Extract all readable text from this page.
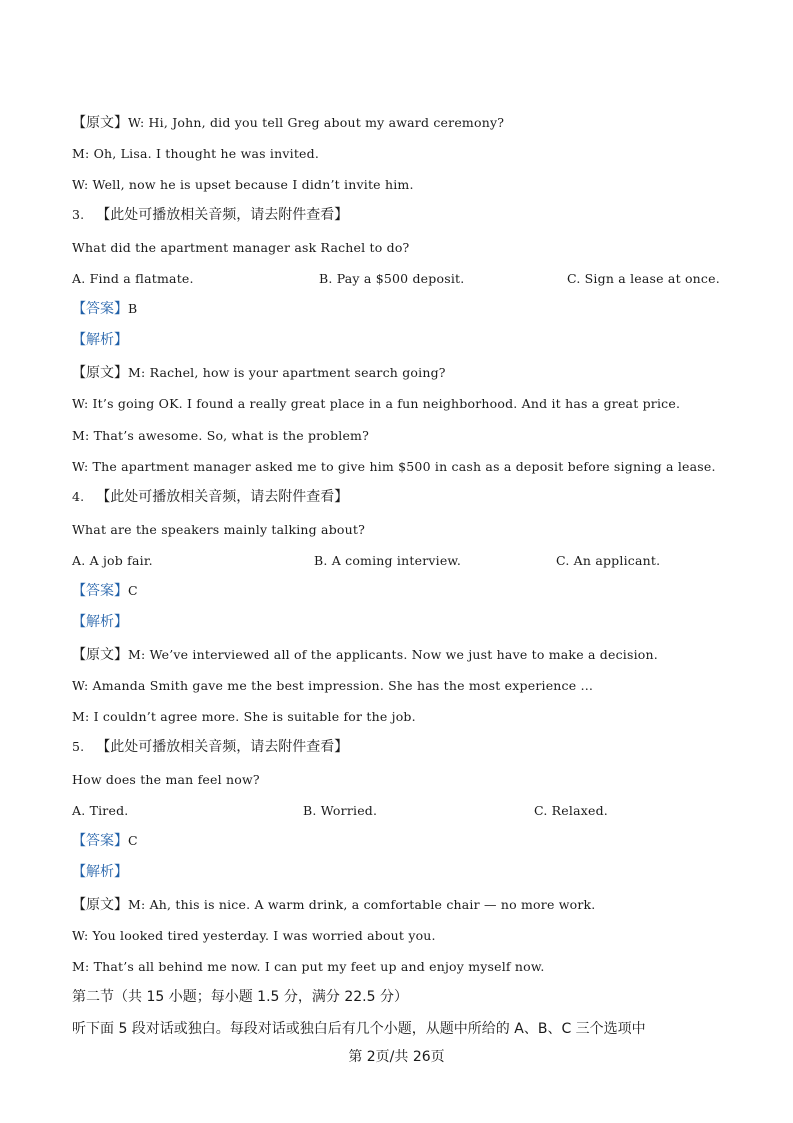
【原文】W: Hi, John, did you tell Greg about my award ceremony?
M: Oh, Lisa. I thought he was invited.
W: Well, now he is upset because I didn’t invite him.
3. 【此处可播放相关音频，请去附件查看】
What did the apartment manager ask Rachel to do?
A. Find a flatmate.	B. Pay a $500 deposit.	C. Sign a lease at once.
【答案】B
【解析】
【原文】M: Rachel, how is your apartment search going?
W: It’s going OK. I found a really great place in a fun neighborhood. And it has a great price.
M: That’s awesome. So, what is the problem?
W: The apartment manager asked me to give him $500 in cash as a deposit before signing a lease.
4. 【此处可播放相关音频，请去附件查看】
What are the speakers mainly talking about?
A. A job fair.	B. A coming interview.	C. An applicant.
【答案】C
【解析】
【原文】M: We’ve interviewed all of the applicants. Now we just have to make a decision.
W: Amanda Smith gave me the best impression. She has the most experience …
M: I couldn’t agree more. She is suitable for the job.
5. 【此处可播放相关音频，请去附件查看】
How does the man feel now?
A. Tired.	B. Worried.	C. Relaxed.
【答案】C
【解析】
【原文】M: Ah, this is nice. A warm drink, a comfortable chair — no more work.
W: You looked tired yesterday. I was worried about you.
M: That’s all behind me now. I can put my feet up and enjoy myself now.
第二节（共 15 小题；每小题 1.5 分，满分 22.5 分）
听下面 5 段对话或独白。每段对话或独白后有几个小题，从题中所给的 A、B、C 三个选项中
第 2页/共 26页
